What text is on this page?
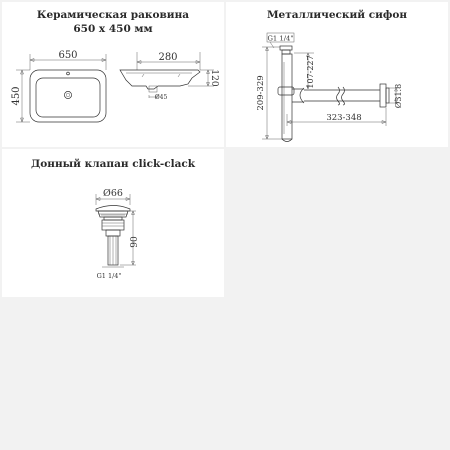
Керамическая раковина
650 x 450 мм
650
450
280
Ø45
120
Металлический сифон
G1 1/4"
107-227
209-329
323-348
Ø31.8
Донный клапан click-clack
Ø66
G1 1/4"
90
